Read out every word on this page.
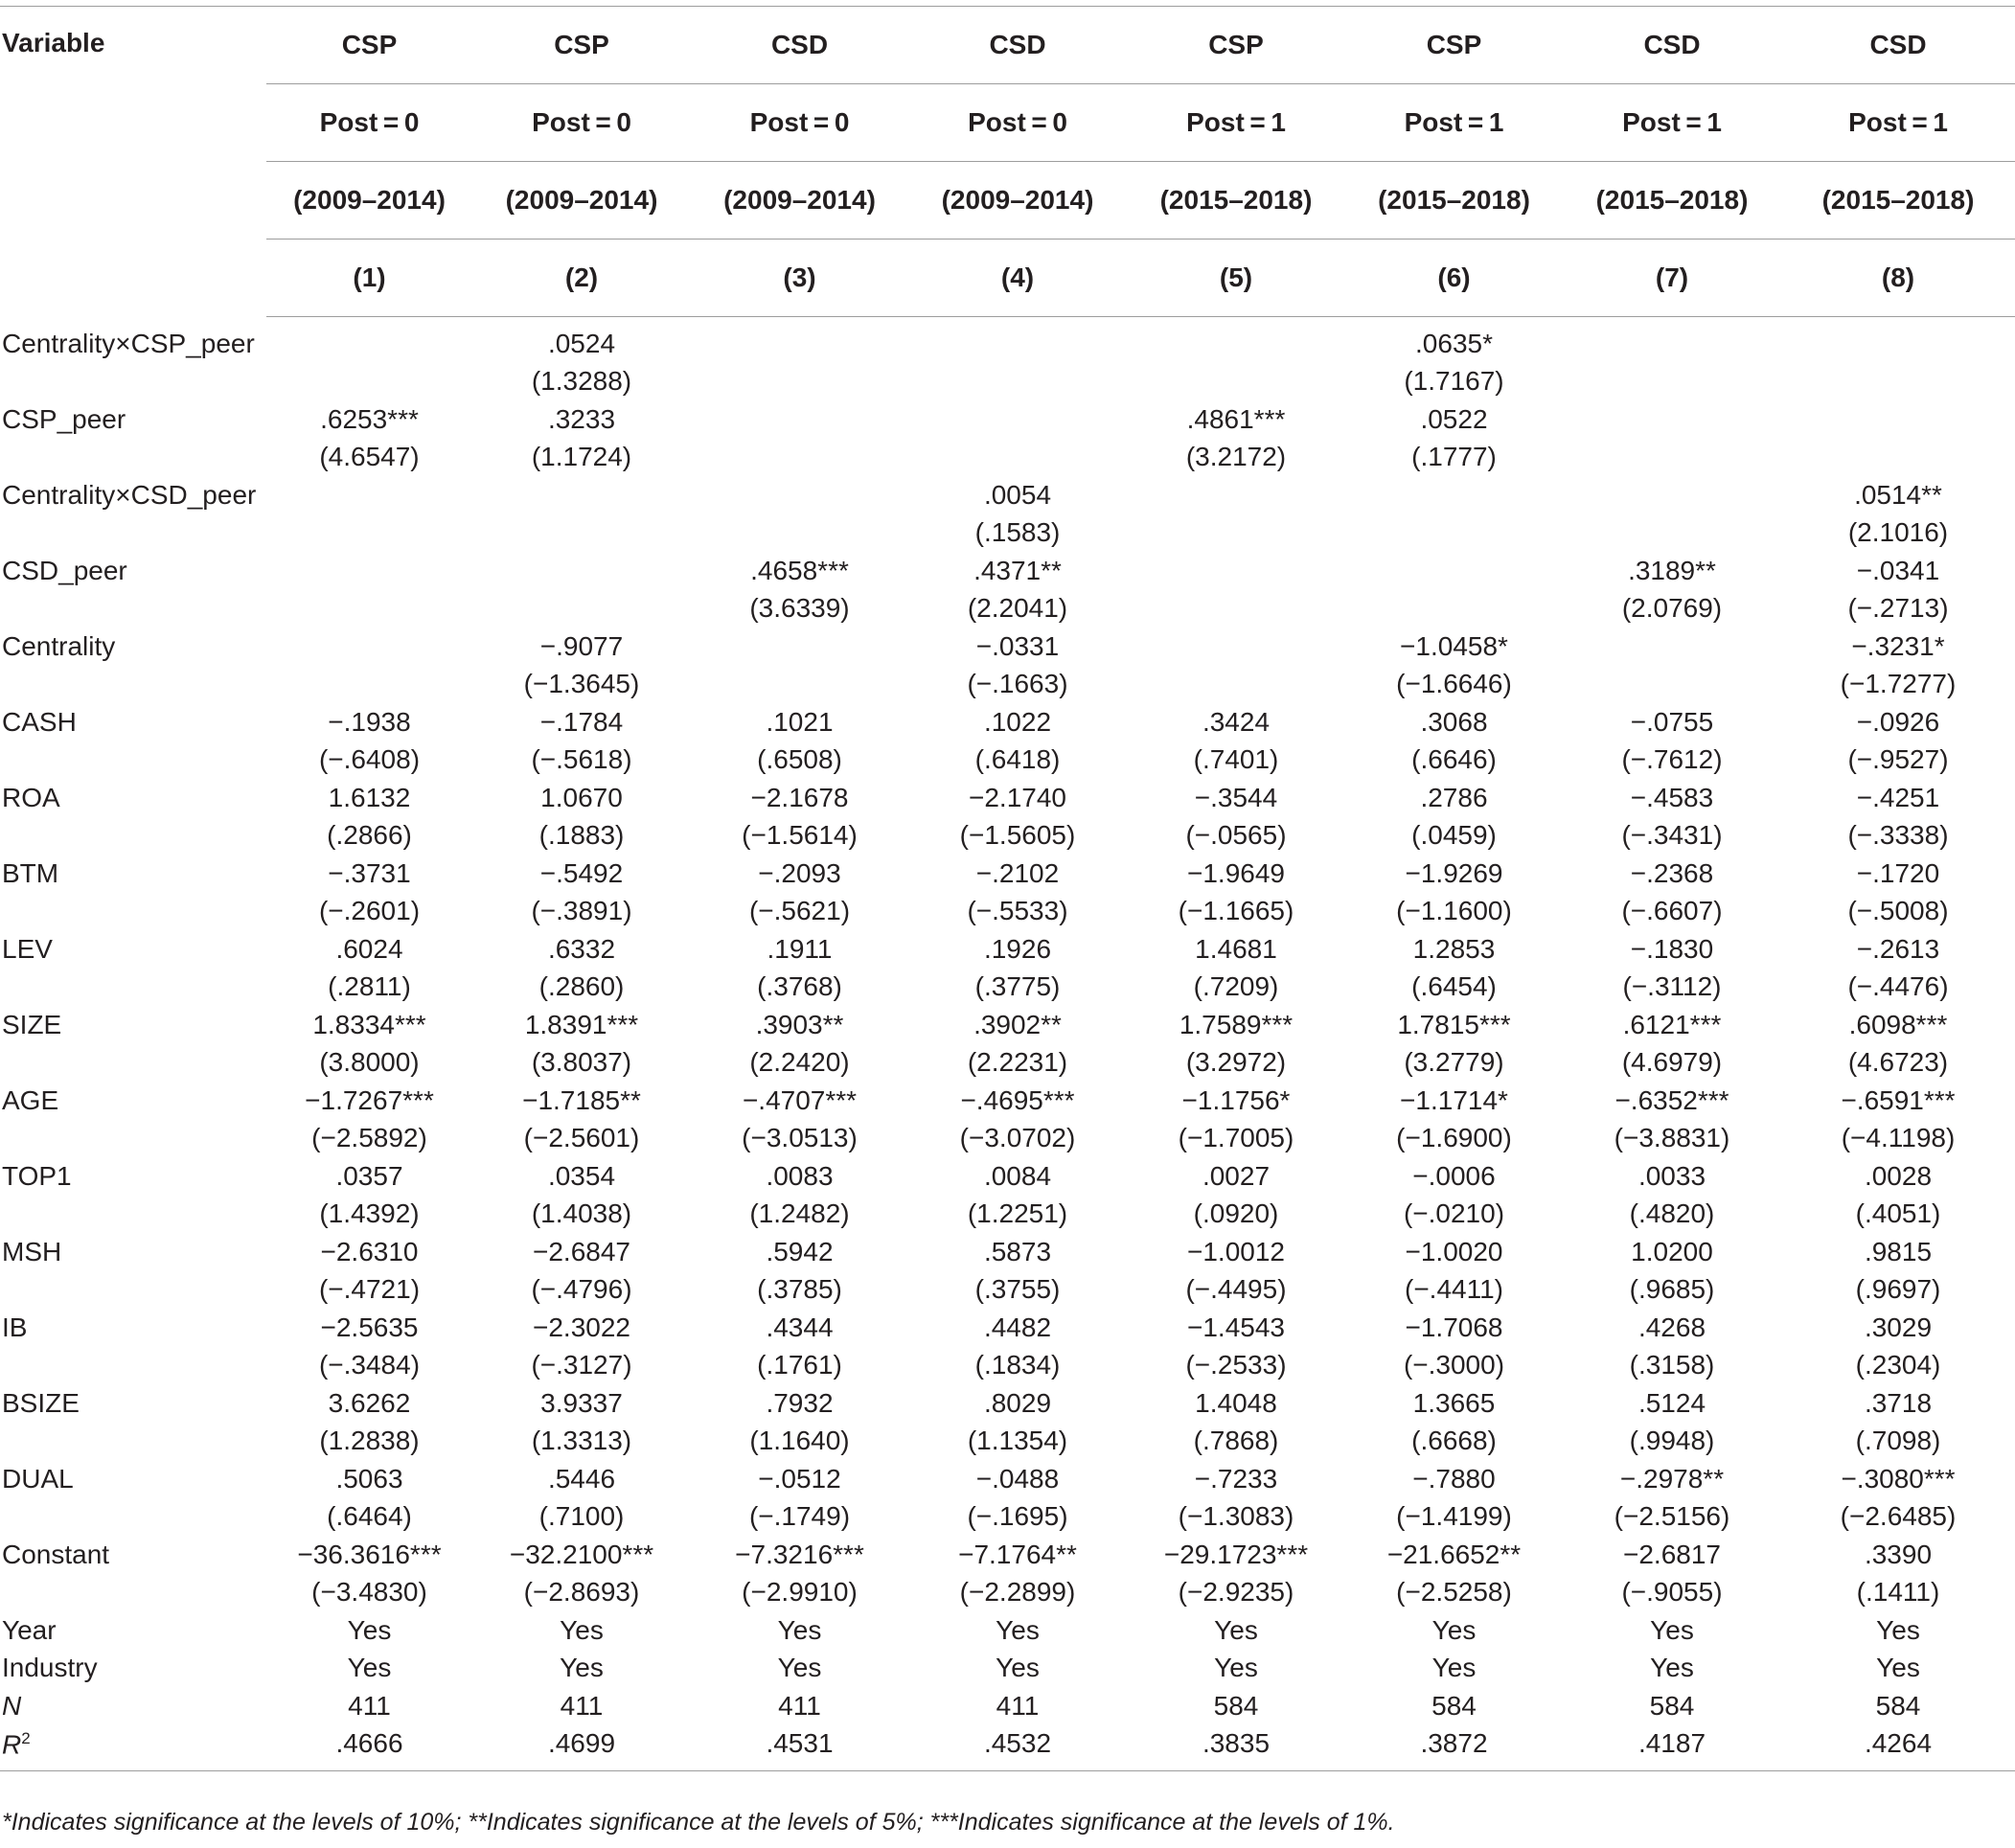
Variable	CSP	CSP	CSD	CSD	CSP	CSP	CSD	CSD
	Post = 0	Post = 0	Post = 0	Post = 0	Post = 1	Post = 1	Post = 1	Post = 1
	(2009–2014)	(2009–2014)	(2009–2014)	(2009–2014)	(2015–2018)	(2015–2018)	(2015–2018)	(2015–2018)
	(1)	(2)	(3)	(4)	(5)	(6)	(7)	(8)
Centrality×CSP_peer		.0524				.0635*		
		(1.3288)				(1.7167)		
CSP_peer	.6253***	.3233			.4861***	.0522		
	(4.6547)	(1.1724)			(3.2172)	(.1777)		
Centrality×CSD_peer				.0054				.0514**
				(.1583)				(2.1016)
CSD_peer			.4658***	.4371**			.3189**	−.0341
			(3.6339)	(2.2041)			(2.0769)	(−.2713)
Centrality		−.9077		−.0331		−1.0458*		−.3231*
		(−1.3645)		(−.1663)		(−1.6646)		(−1.7277)
CASH	−.1938	−.1784	.1021	.1022	.3424	.3068	−.0755	−.0926
	(−.6408)	(−.5618)	(.6508)	(.6418)	(.7401)	(.6646)	(−.7612)	(−.9527)
ROA	1.6132	1.0670	−2.1678	−2.1740	−.3544	.2786	−.4583	−.4251
	(.2866)	(.1883)	(−1.5614)	(−1.5605)	(−.0565)	(.0459)	(−.3431)	(−.3338)
BTM	−.3731	−.5492	−.2093	−.2102	−1.9649	−1.9269	−.2368	−.1720
	(−.2601)	(−.3891)	(−.5621)	(−.5533)	(−1.1665)	(−1.1600)	(−.6607)	(−.5008)
LEV	.6024	.6332	.1911	.1926	1.4681	1.2853	−.1830	−.2613
	(.2811)	(.2860)	(.3768)	(.3775)	(.7209)	(.6454)	(−.3112)	(−.4476)
SIZE	1.8334***	1.8391***	.3903**	.3902**	1.7589***	1.7815***	.6121***	.6098***
	(3.8000)	(3.8037)	(2.2420)	(2.2231)	(3.2972)	(3.2779)	(4.6979)	(4.6723)
AGE	−1.7267***	−1.7185**	−.4707***	−.4695***	−1.1756*	−1.1714*	−.6352***	−.6591***
	(−2.5892)	(−2.5601)	(−3.0513)	(−3.0702)	(−1.7005)	(−1.6900)	(−3.8831)	(−4.1198)
TOP1	.0357	.0354	.0083	.0084	.0027	−.0006	.0033	.0028
	(1.4392)	(1.4038)	(1.2482)	(1.2251)	(.0920)	(−.0210)	(.4820)	(.4051)
MSH	−2.6310	−2.6847	.5942	.5873	−1.0012	−1.0020	1.0200	.9815
	(−.4721)	(−.4796)	(.3785)	(.3755)	(−.4495)	(−.4411)	(.9685)	(.9697)
IB	−2.5635	−2.3022	.4344	.4482	−1.4543	−1.7068	.4268	.3029
	(−.3484)	(−.3127)	(.1761)	(.1834)	(−.2533)	(−.3000)	(.3158)	(.2304)
BSIZE	3.6262	3.9337	.7932	.8029	1.4048	1.3665	.5124	.3718
	(1.2838)	(1.3313)	(1.1640)	(1.1354)	(.7868)	(.6668)	(.9948)	(.7098)
DUAL	.5063	.5446	−.0512	−.0488	−.7233	−.7880	−.2978**	−.3080***
	(.6464)	(.7100)	(−.1749)	(−.1695)	(−1.3083)	(−1.4199)	(−2.5156)	(−2.6485)
Constant	−36.3616***	−32.2100***	−7.3216***	−7.1764**	−29.1723***	−21.6652**	−2.6817	.3390
	(−3.4830)	(−2.8693)	(−2.9910)	(−2.2899)	(−2.9235)	(−2.5258)	(−.9055)	(.1411)
Year	Yes	Yes	Yes	Yes	Yes	Yes	Yes	Yes
Industry	Yes	Yes	Yes	Yes	Yes	Yes	Yes	Yes
N	411	411	411	411	584	584	584	584
$R^2$	.4666	.4699	.4531	.4532	.3835	.3872	.4187	.4264
*Indicates significance at the levels of 10%; **Indicates significance at the levels of 5%; ***Indicates significance at the levels of 1%.
